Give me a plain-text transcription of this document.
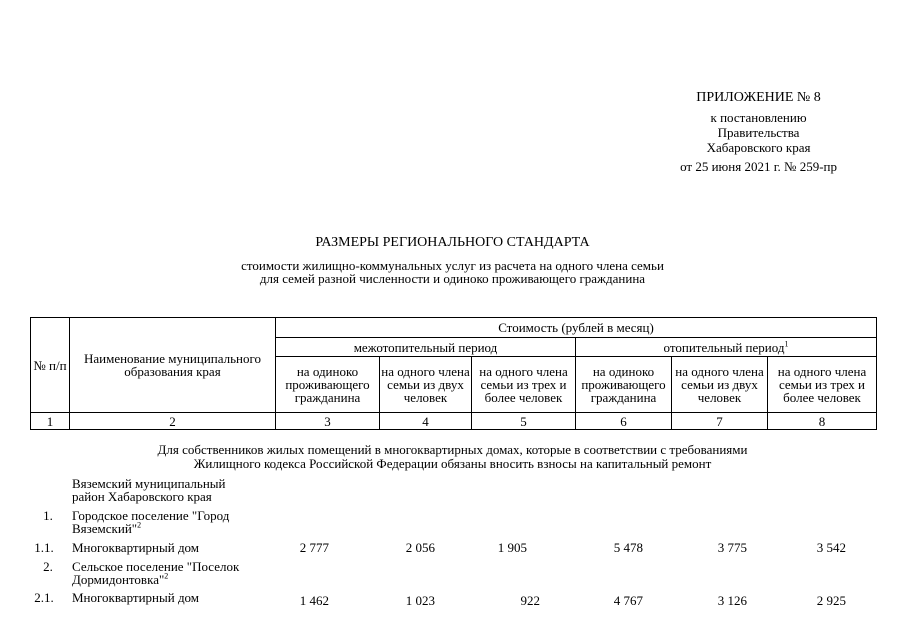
ПРИЛОЖЕНИЕ № 8
к постановлению
Правительства
Хабаровского края
от 25 июня 2021 г. № 259-пр
РАЗМЕРЫ РЕГИОНАЛЬНОГО СТАНДАРТА
стоимости жилищно-коммунальных услуг из расчета на одного члена семьи
для семей разной численности и одиноко проживающего гражданина
№ п/п	Наименование муниципального образования края	Стоимость (рублей в месяц)					
		межотопительный период			отопительный период$^1$
		на одиноко проживающего гражданина	на одного члена семьи из двух человек	на одного члена семьи из трех и более человек	на одиноко проживающего гражданина	на одного члена семьи из двух человек	на одного члена семьи из трех и более человек
1	2	3	4	5	6	7	8
Для собственников жилых помещений в многоквартирных домах, которые в соответствии с требованиями
Жилищного кодекса Российской Федерации обязаны вносить взносы на капитальный ремонт
Вяземский муниципальный
район Хабаровского края
1.	Городское поселение "Город
Вяземский"$^2$
1.1.	Многоквартирный дом	2 777	2 056	1 905	5 478	3 775	3 542
2.	Сельское поселение "Поселок
Дормидонтовка"$^2$
2.1.	Многоквартирный дом	1 462	1 023	922	4 767	3 126	2 925
